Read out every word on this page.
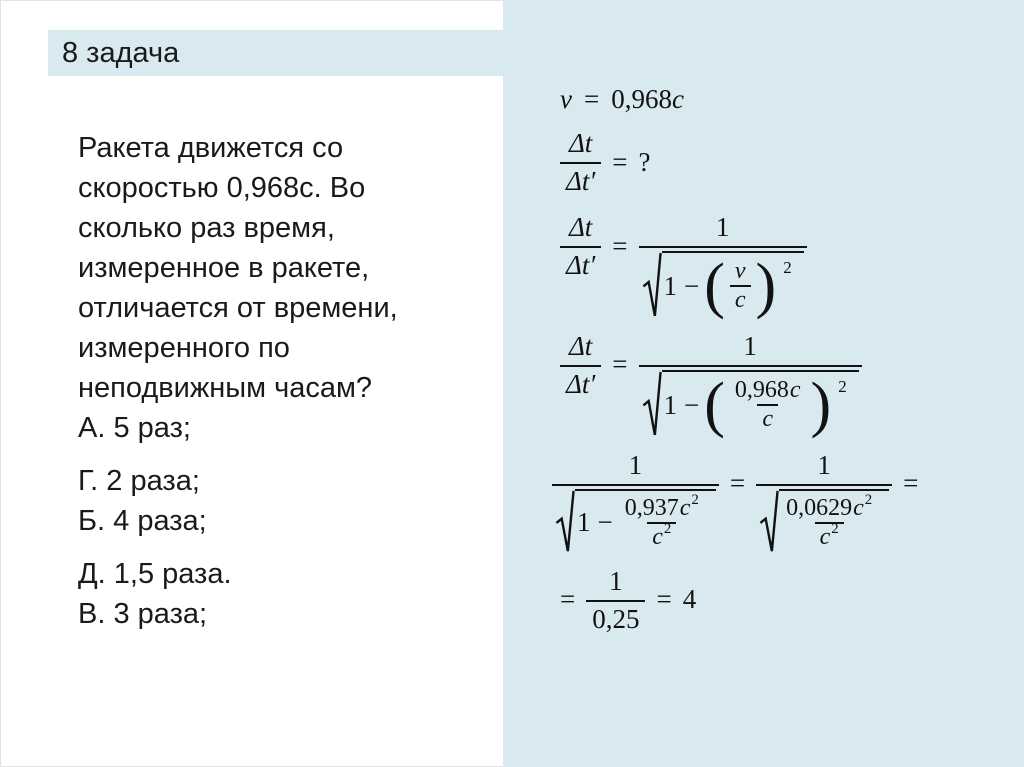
8 задача
Ракета движется со
скоростью 0,968с. Во
сколько раз время,
измеренное в ракете,
отличается от времени,
измеренного по
неподвижным часам?
А. 5 раз;
Г. 2 раза;
Б. 4 раза;
Д. 1,5 раза.
В. 3 раза;
v = 0,968c
$\frac{\Delta t}{\Delta t'}$ = ?
$\frac{\Delta t}{\Delta t'}$ =
1
1 − ( $\frac{v}{c}$ ) 2
$\frac{\Delta t}{\Delta t'}$ =
1
1 − ( $\frac{0,968 c}{c}$ ) 2
1
$1 - \frac{0,937 c^2}{c^2}$
= $\frac{1}{\frac{0,0629 c^2}{c^2}}$ =
= $\frac{1}{0,25} = 4$
